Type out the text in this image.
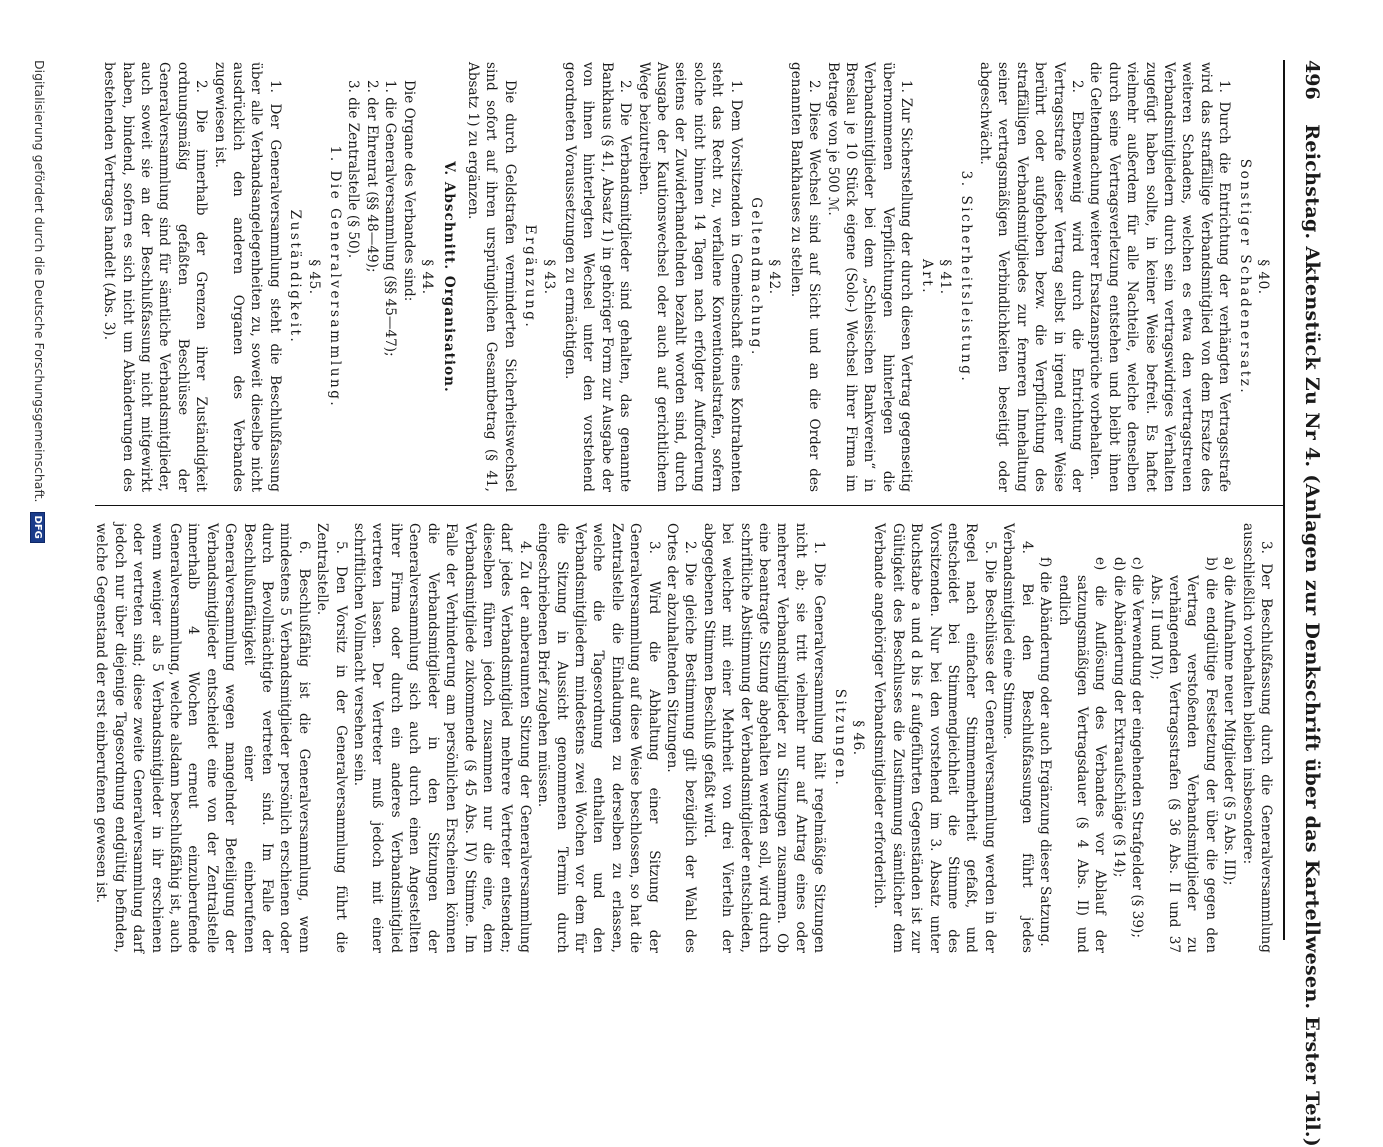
496 Reichstag. Aktenstück Zu Nr 4. (Anlagen zur Denkschrift über das Kartellwesen. Erster Teil.)

§ 40.

Sonstiger Schadenersatz.

1. Durch die Entrichtung der verhängten Vertragsstrafe wird das straffällige Verbandsmitglied von dem Ersatze des weiteren Schadens, welchen es etwa den vertragstreuen Verbandsmitgliedern durch sein vertragswidriges Verhalten zugefügt haben sollte, in keiner Weise befreit. Es haftet vielmehr außerdem für alle Nachteile, welche denselben durch seine Vertragsverletzung entstehen und bleibt ihnen die Geltendmachung weiterer Ersatzansprüche vorbehalten.

2. Ebensowenig wird durch die Entrichtung der Vertragsstrafe dieser Vertrag selbst in irgend einer Weise berührt oder aufgehoben bezw. die Verpflichtung des straffälligen Verbandsmitgliedes zur ferneren Innehaltung seiner vertragsmäßigen Verbindlichkeiten beseitigt oder abgeschwächt.

3. Sicherheitsleistung.

§ 41.

Art.

1. Zur Sicherstellung der durch diesen Vertrag gegenseitig übernommenen Verpflichtungen hinterlegen die Verbandsmitglieder bei dem „Schlesischen Bankverein“ in Breslau je 10 Stück eigene (Solo-) Wechsel ihrer Firma im Betrage von je 500 ℳ.

2. Diese Wechsel sind auf Sicht und an die Order des genannten Bankhauses zu stellen.

§ 42.

Geltendmachung.

1. Dem Vorsitzenden in Gemeinschaft eines Kontrahenten steht das Recht zu, verfallene Konventionalstrafen, sofern solche nicht binnen 14 Tagen nach erfolgter Aufforderung seitens der Zuwiderhandelnden bezahlt worden sind, durch Ausgabe der Kautionswechsel oder auch auf gerichtlichem Wege beizutreiben.

2. Die Verbandsmitglieder sind gehalten, das genannte Bankhaus (§ 41, Absatz 1) in gehöriger Form zur Ausgabe der von ihnen hinterlegten Wechsel unter den vorstehend geordneten Voraussetzungen zu ermächtigen.

§ 43.

Ergänzung.

Die durch Geldstrafen verminderten Sicherheitswechsel sind sofort auf ihren ursprünglichen Gesamtbetrag (§ 41, Absatz 1) zu ergänzen.

V. Abschnitt. Organisation.

§ 44.

Die Organe des Verbandes sind:

1. die Generalversammlung (§§ 45—47);

2. der Ehrenrat (§§ 48—49);

3. die Zentralstelle (§ 50).

1. Die Generalversammlung.

§ 45.

Zuständigkeit.

1. Der Generalversammlung steht die Beschlußfassung über alle Verbandsangelegenheiten zu, soweit dieselbe nicht ausdrücklich den anderen Organen des Verbandes zugewiesen ist.

2. Die innerhalb der Grenzen ihrer Zuständigkeit ordnungsmäßig gefaßten Beschlüsse der Generalversammlung sind für sämtliche Verbandsmitglieder, auch soweit sie an der Beschlußfassung nicht mitgewirkt haben, bindend, sofern es sich nicht um Abänderungen des bestehenden Vertrages handelt (Abs. 3).

3. Der Beschlußfassung durch die Generalversammlung ausschließlich vorbehalten bleiben insbesondere:

a) die Aufnahme neuer Mitglieder (§ 5 Abs. III);

b) die endgültige Festsetzung der über die gegen den Vertrag verstoßenden Verbandsmitglieder zu verhängenden Vertragsstrafen (§ 36 Abs. II und 37 Abs. II und IV);

c) die Verwendung der eingehenden Strafgelder (§ 39);

d) die Abänderung der Extraaufschläge (§ 14);

e) die Auflösung des Verbandes vor Ablauf der satzungsmäßigen Vertragsdauer (§ 4 Abs. II) und endlich

f) die Abänderung oder auch Ergänzung dieser Satzung.

4. Bei den Beschlußfassungen führt jedes Verbandsmitglied eine Stimme.

5. Die Beschlüsse der Generalversammlung werden in der Regel nach einfacher Stimmenmehrheit gefaßt, und entscheidet bei Stimmengleichheit die Stimme des Vorsitzenden. Nur bei den vorstehend im 3. Absatz unter Buchstabe a und d bis f aufgeführten Gegenständen ist zur Gültigkeit des Beschlusses die Zustimmung sämtlicher dem Verbande angehöriger Verbandsmitglieder erforderlich.

§ 46.

Sitzungen.

1. Die Generalversammlung hält regelmäßige Sitzungen nicht ab; sie tritt vielmehr nur auf Antrag eines oder mehrerer Verbandsmitglieder zu Sitzungen zusammen. Ob eine beantragte Sitzung abgehalten werden soll, wird durch schriftliche Abstimmung der Verbandsmitglieder entschieden, bei welcher mit einer Mehrheit von drei Vierteln der abgegebenen Stimmen Beschluß gefaßt wird.

2. Die gleiche Bestimmung gilt bezüglich der Wahl des Ortes der abzuhaltenden Sitzungen.

3. Wird die Abhaltung einer Sitzung der Generalversammlung auf diese Weise beschlossen, so hat die Zentralstelle die Einladungen zu derselben zu erlassen, welche die Tagesordnung enthalten und den Verbandsmitgliedern mindestens zwei Wochen vor dem für die Sitzung in Aussicht genommenen Termin durch eingeschriebenen Brief zugehen müssen.

4. Zu der anberaumten Sitzung der Generalversammlung darf jedes Verbandsmitglied mehrere Vertreter entsenden; dieselben führen jedoch zusammen nur die eine, dem Verbandsmitgliede zukommende (§ 45 Abs. IV) Stimme. Im Falle der Verhinderung am persönlichen Erscheinen können die Verbandsmitglieder in den Sitzungen der Generalversammlung sich auch durch einen Angestellten ihrer Firma oder durch ein anderes Verbandsmitglied vertreten lassen. Der Vertreter muß jedoch mit einer schriftlichen Vollmacht versehen sein.

5. Den Vorsitz in der Generalversammlung führt die Zentralstelle.

6. Beschlußfähig ist die Generalversammlung, wenn mindestens 5 Verbandsmitglieder persönlich erschienen oder durch Bevollmächtigte vertreten sind. Im Falle der Beschlußunfähigkeit einer einberufenen Generalversammlung wegen mangelnder Beteiligung der Verbandsmitglieder entscheidet eine von der Zentralstelle innerhalb 4 Wochen erneut einzuberufende Generalversammlung, welche alsdann beschlußfähig ist, auch wenn weniger als 5 Verbandsmitglieder in ihr erschienen oder vertreten sind; diese zweite Generalversammlung darf jedoch nur über diejenige Tagesordnung endgültig befinden, welche Gegenstand der erst einberufenen gewesen ist.

Digitalisierung gefördert durch die Deutsche Forschungsgemeinschaft. DFG
